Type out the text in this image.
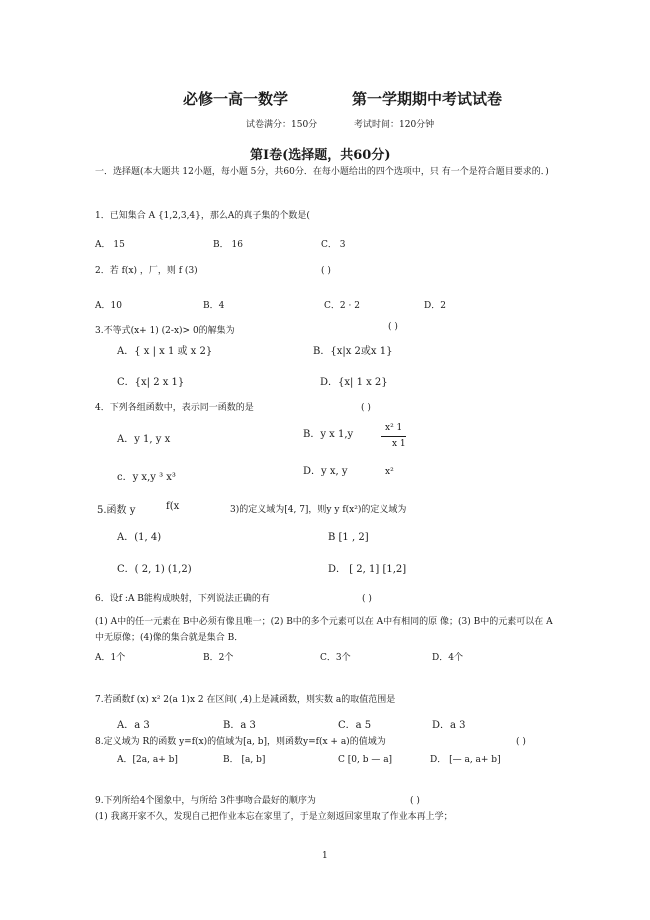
必修一高一数学	第一学期期中考试试卷
试卷满分：150分	考试时间：120分钟
第Ⅰ卷(选择题，共60分)
一．选择题(本大题共 12小题，每小题 5分，共60分．在每小题给出的四个选项中，只 有一个是符合题目要求的．)
1．已知集合 A {1,2,3,4}，那么A的真子集的个数是(
A． 15	B． 16	C． 3
2．若 f(x) ，厂，则 f (3)	( )
A．10	B．4	C．2 · 2	D．2
3.不等式(x+ 1) (2-x)> 0的解集为	( )
A．{ x | x 1 或 x 2}	B．{x|x 2或x 1}
C．{x| 2 x 1}	D．{x| 1 x 2}
4．下列各组函数中，表示同一函数的是	( )
A．y 1, y x	B．y x 1,y
x² 1
x 1
c．y x,y ³ x³
D．y x, y	x²
5.函数 y	f(x	3)的定义域为[4, 7]，则y y f(x²)的定义域为
A．(1, 4)	B [1 , 2]
C．( 2, 1) (1,2)	D． [ 2, 1] [1,2]
6．设f :A B能构成映射，下列说法正确的有	( )
(1) A中的任一元素在 B中必须有像且唯一；(2) B中的多个元素可以在 A中有相同的原 像；(3) B中的元素可以在 A中无原像；(4)像的集合就是集合 B．
A．1个	B．2个	C．3个	D．4个
7.若函数f (x) x² 2(a 1)x 2 在区间( ,4)上是减函数，则实数 a的取值范围是
A．a 3	B．a 3	C．a 5	D．a 3
8.定义域为 R的函数 y=f(x)的值域为[a, b]，则函数y=f(x + a)的值域为	( )
A．[2a, a+ b]	B． [a, b]	C [0, b — a]	D． [— a, a+ b]
9.下列所给4个图象中，与所给 3件事吻合最好的顺序为	( )
(1) 我离开家不久，发现自己把作业本忘在家里了，于是立刻返回家里取了作业本再上学；
1
